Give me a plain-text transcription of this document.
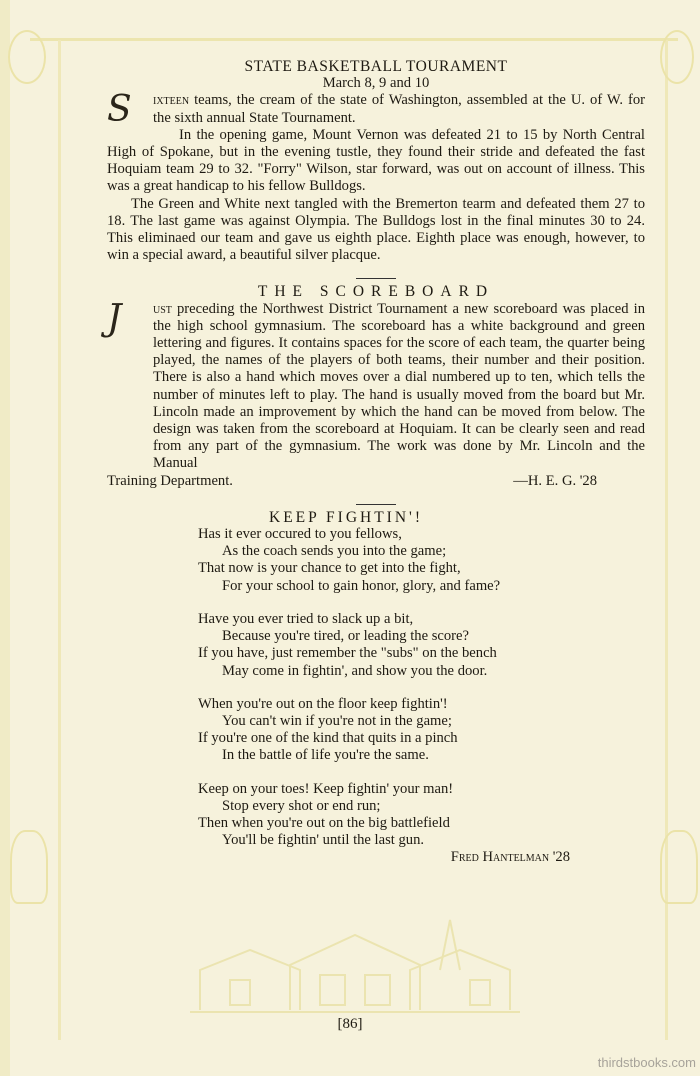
STATE BASKETBALL TOURAMENT

March 8, 9 and 10

S	ixteen teams, the cream of the state of Washington, assembled at the U. of W. for the sixth annual State Tournament.

In the opening game, Mount Vernon was defeated 21 to 15 by North Central High of Spokane, but in the evening tustle, they found their stride and defeated the fast Hoquiam team 29 to 32. "Forry" Wilson, star forward, was out on account of illness. This was a great handicap to his fellow Bulldogs.

The Green and White next tangled with the Bremerton tearm and defeated them 27 to 18. The last game was against Olympia. The Bulldogs lost in the final minutes 30 to 24. This eliminaed our team and gave us eighth place. Eighth place was enough, however, to win a special award, a beautiful silver placque.

THE SCOREBOARD
J	ust preceding the Northwest District Tournament a new scoreboard was placed in the high school gymnasium. The scoreboard has a white background and green lettering and figures. It contains spaces for the score of each team, the quarter being played, the names of the players of both teams, their number and their position. There is also a hand which moves over a dial numbered up to ten, which tells the number of minutes left to play. The hand is usually moved from the board but Mr. Lincoln made an improvement by which the hand can be moved from below. The design was taken from the scoreboard at Hoquiam. It can be clearly seen and read from any part of the gymnasium. The work was done by Mr. Lincoln and the Manual

Training Department.	—H. E. G. '28
KEEP FIGHTIN'!

Has it ever occured to you fellows,

As the coach sends you into the game;

That now is your chance to get into the fight,

For your school to gain honor, glory, and fame?

Have you ever tried to slack up a bit,

Because you're tired, or leading the score?

If you have, just remember the "subs" on the bench

May come in fightin', and show you the door.

When you're out on the floor keep fightin'!

You can't win if you're not in the game;

If you're one of the kind that quits in a pinch

In the battle of life you're the same.

Keep on your toes! Keep fightin' your man!

Stop every shot or end run;

Then when you're out on the big battlefield

You'll be fightin' until the last gun.

Fred Hantelman '28

[86]
thirdstbooks.com
